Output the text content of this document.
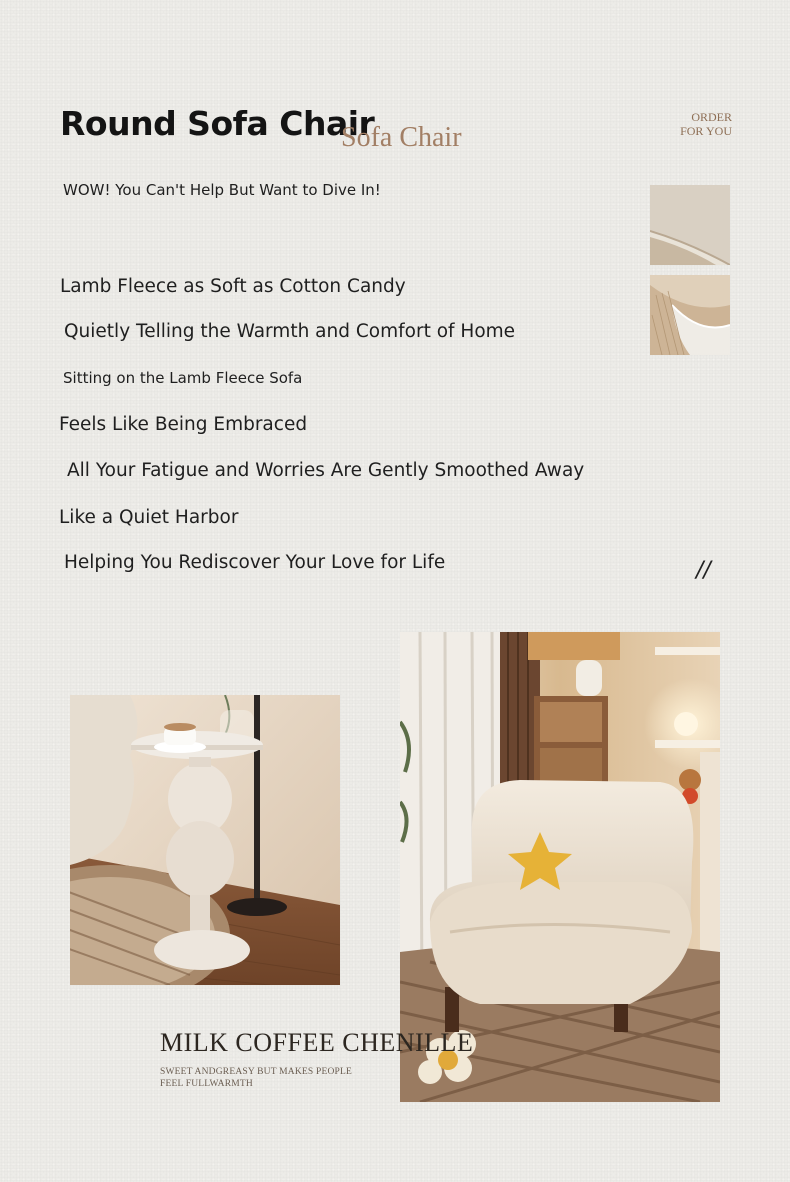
Round Sofa Chair
Sofa Chair
ORDER
FOR YOU
WOW! You Can't Help But Want to Dive In!
Lamb Fleece as Soft as Cotton Candy
Quietly Telling the Warmth and Comfort of Home
Sitting on the Lamb Fleece Sofa
Feels Like Being Embraced
All Your Fatigue and Worries Are Gently Smoothed Away
Like a Quiet Harbor
Helping You Rediscover Your Love for Life	//
MILK COFFEE CHENILLE
SWEET ANDGREASY BUT MAKES PEOPLE
FEEL FULLWARMTH
